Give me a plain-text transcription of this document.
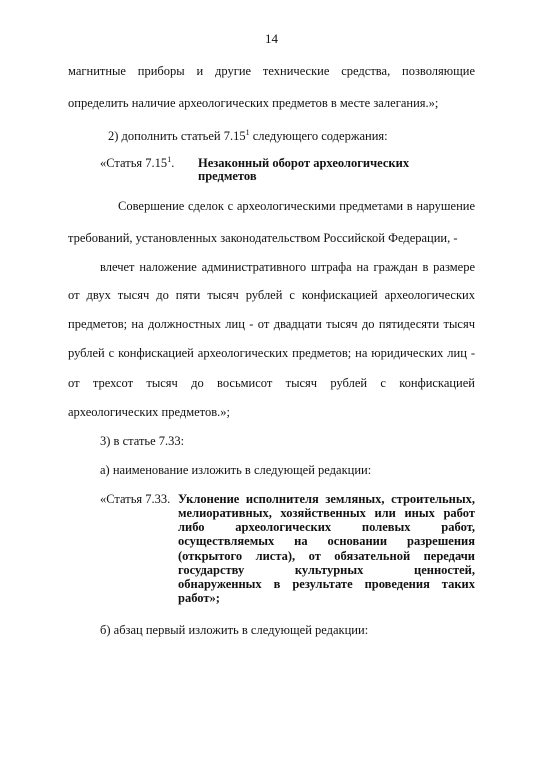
14
магнитные приборы и другие технические средства, позволяющие
определить наличие археологических предметов в месте залегания.»;
2) дополнить статьей 7.15$^1$ следующего содержания:
«Статья 7.15$^1$. Незаконный оборот археологических
предметов
Совершение сделок с археологическими предметами в нарушение
требований, установленных законодательством Российской Федерации, -
влечет наложение административного штрафа на граждан в размере
от двух тысяч до пяти тысяч рублей с конфискацией археологических
предметов; на должностных лиц - от двадцати тысяч до пятидесяти тысяч
рублей с конфискацией археологических предметов; на юридических лиц -
от трехсот тысяч до восьмисот тысяч рублей с конфискацией
археологических предметов.»;
3) в статье 7.33:
а) наименование изложить в следующей редакции:
«Статья 7.33. Уклонение исполнителя земляных, строительных,
мелиоративных, хозяйственных или иных работ
либо археологических полевых работ,
осуществляемых на основании разрешения
(открытого листа), от обязательной передачи
государству культурных ценностей,
обнаруженных в результате проведения таких
работ»;
б) абзац первый изложить в следующей редакции:
